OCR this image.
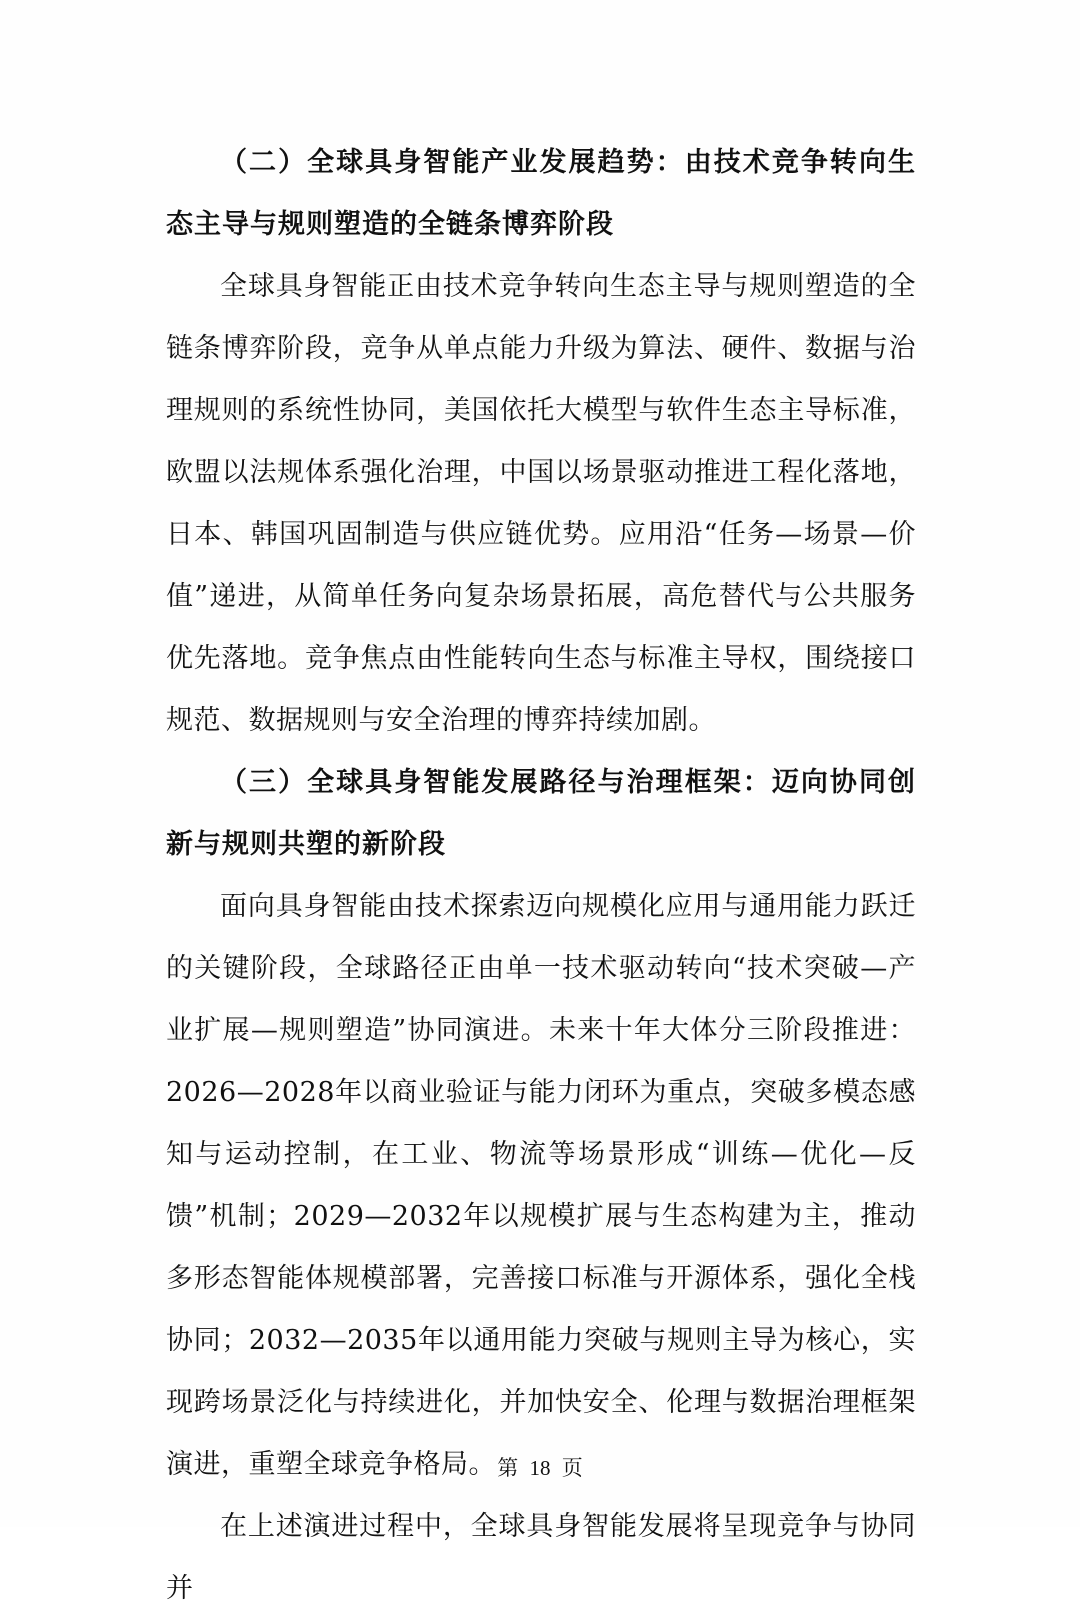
（二）全球具身智能产业发展趋势：由技术竞争转向生态主导与规则塑造的全链条博弈阶段

全球具身智能正由技术竞争转向生态主导与规则塑造的全链条博弈阶段，竞争从单点能力升级为算法、硬件、数据与治理规则的系统性协同，美国依托大模型与软件生态主导标准，欧盟以法规体系强化治理，中国以场景驱动推进工程化落地，日本、韩国巩固制造与供应链优势。应用沿“任务—场景—价值”递进，从简单任务向复杂场景拓展，高危替代与公共服务优先落地。竞争焦点由性能转向生态与标准主导权，围绕接口规范、数据规则与安全治理的博弈持续加剧。

（三）全球具身智能发展路径与治理框架：迈向协同创新与规则共塑的新阶段

面向具身智能由技术探索迈向规模化应用与通用能力跃迁的关键阶段，全球路径正由单一技术驱动转向“技术突破—产业扩展—规则塑造”协同演进。未来十年大体分三阶段推进：2026—2028年以商业验证与能力闭环为重点，突破多模态感知与运动控制，在工业、物流等场景形成“训练—优化—反馈”机制；2029—2032年以规模扩展与生态构建为主，推动多形态智能体规模部署，完善接口标准与开源体系，强化全栈协同；2032—2035年以通用能力突破与规则主导为核心，实现跨场景泛化与持续进化，并加快安全、伦理与数据治理框架演进，重塑全球竞争格局。

在上述演进过程中，全球具身智能发展将呈现竞争与协同并

第 18 页
